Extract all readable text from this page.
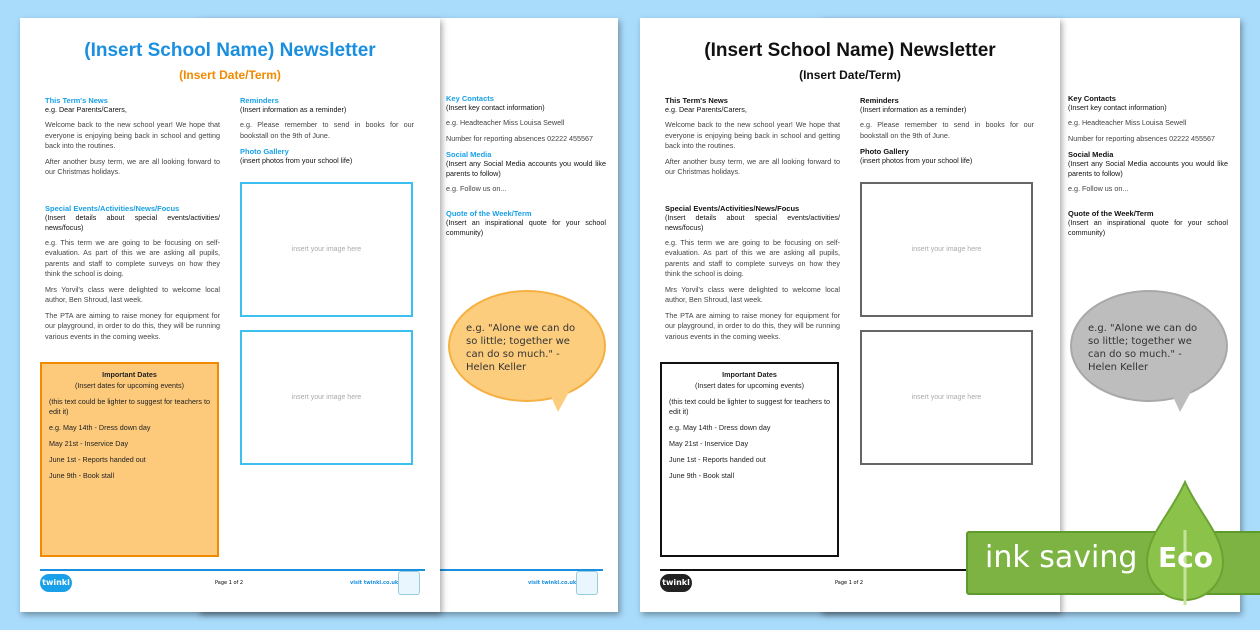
Key Contacts
(Insert key contact information)
e.g. Headteacher Miss Louisa Sewell
Number for reporting absences 02222 455567
Social Media
(Insert any Social Media accounts you would like parents to follow)
e.g. Follow us on...
Quote of the Week/Term
(Insert an inspirational quote for your school community)
e.g. "Alone we can do so little; together we can do so much." - Helen Keller
visit twinkl.co.uk
(Insert School Name) Newsletter
(Insert Date/Term)
This Term's News
e.g. Dear Parents/Carers,
Welcome back to the new school year! We hope that everyone is enjoying being back in school and getting back into the routines.
After another busy term, we are all looking forward to our Christmas holidays.
Special Events/Activities/News/Focus
(Insert details about special events/activities/ news/focus)
e.g. This term we are going to be focusing on self-evaluation. As part of this we are asking all pupils, parents and staff to complete surveys on how they think the school is doing.
Mrs Yorvil's class were delighted to welcome local author, Ben Shroud, last week.
The PTA are aiming to raise money for equipment for our playground, in order to do this, they will be running various events in the coming weeks.
Important Dates
(Insert dates for upcoming events)
(this text could be lighter to suggest for teachers to edit it)
e.g. May 14th - Dress down day
May 21st - Inservice Day
June 1st - Reports handed out
June 9th - Book stall
Reminders
(Insert information as a reminder)
e.g. Please remember to send in books for our bookstall on the 9th of June.
Photo Gallery
(insert photos from your school life)
insert your image here
insert your image here
twinkl	Page 1 of 2	visit twinkl.co.uk
Key Contacts
(Insert key contact information)
e.g. Headteacher Miss Louisa Sewell
Number for reporting absences 02222 455567
Social Media
(Insert any Social Media accounts you would like parents to follow)
e.g. Follow us on...
Quote of the Week/Term
(Insert an inspirational quote for your school community)
e.g. "Alone we can do so little; together we can do so much." - Helen Keller
(Insert School Name) Newsletter
(Insert Date/Term)
This Term's News
e.g. Dear Parents/Carers,
Welcome back to the new school year! We hope that everyone is enjoying being back in school and getting back into the routines.
After another busy term, we are all looking forward to our Christmas holidays.
Special Events/Activities/News/Focus
(Insert details about special events/activities/ news/focus)
e.g. This term we are going to be focusing on self-evaluation. As part of this we are asking all pupils, parents and staff to complete surveys on how they think the school is doing.
Mrs Yorvil's class were delighted to welcome local author, Ben Shroud, last week.
The PTA are aiming to raise money for equipment for our playground, in order to do this, they will be running various events in the coming weeks.
Important Dates
(Insert dates for upcoming events)
(this text could be lighter to suggest for teachers to edit it)
e.g. May 14th - Dress down day
May 21st - Inservice Day
June 1st - Reports handed out
June 9th - Book stall
Reminders
(Insert information as a reminder)
e.g. Please remember to send in books for our bookstall on the 9th of June.
Photo Gallery
(insert photos from your school life)
insert your image here
insert your image here
twinkl	Page 1 of 2
ink saving Eco
